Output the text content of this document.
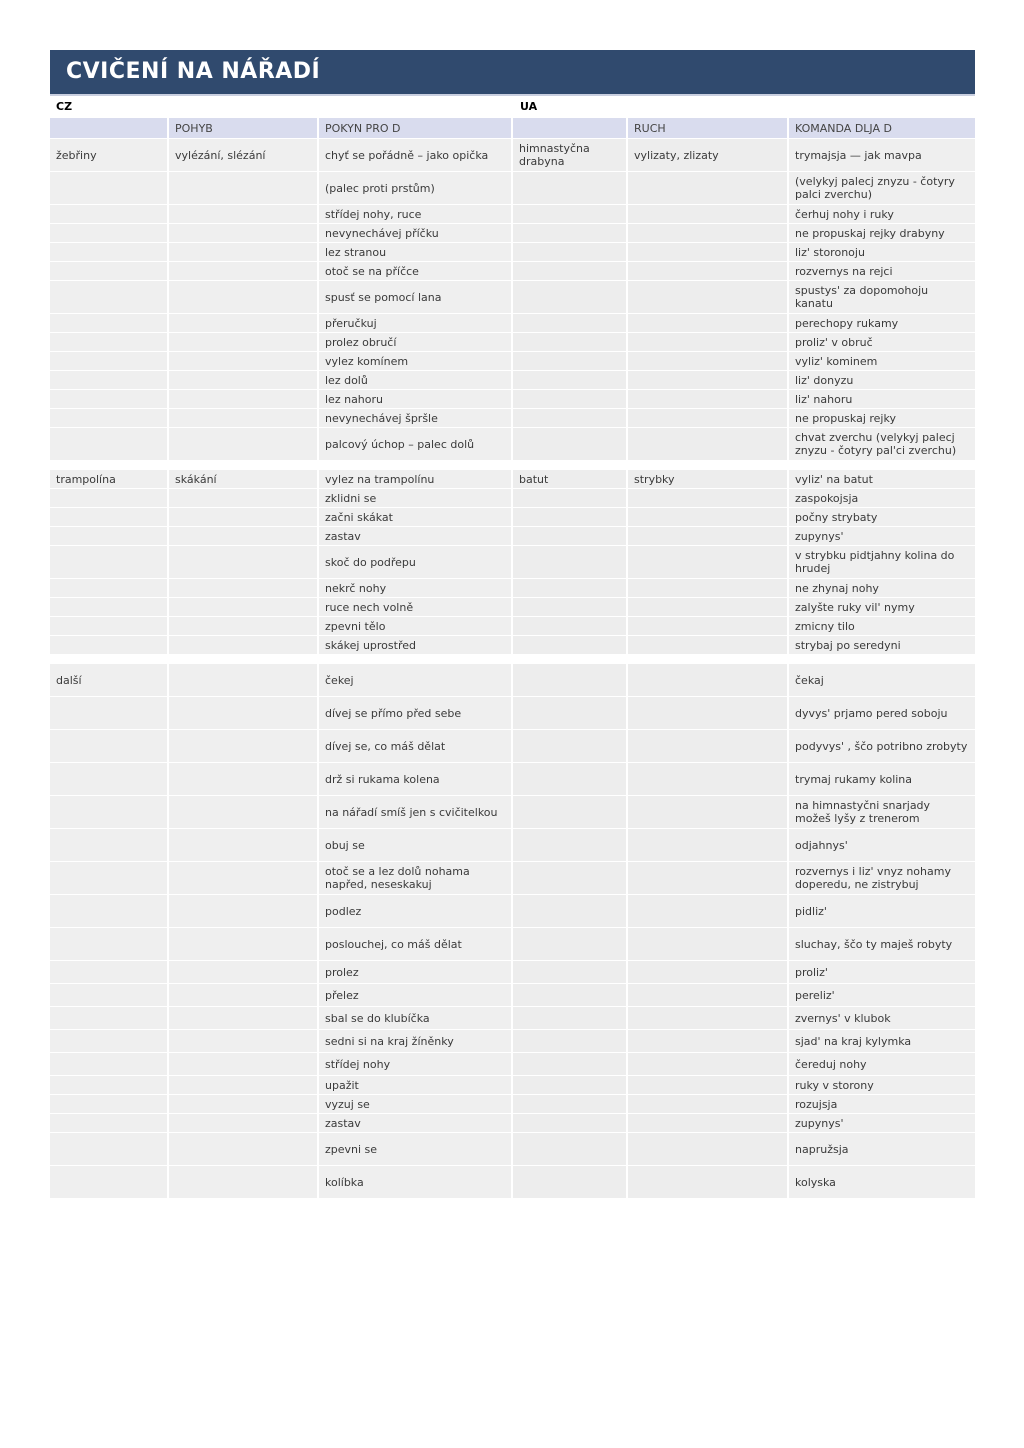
CVIČENÍ NA NÁŘADÍ
CZ	UA
	POHYB	POKYN PRO D		RUCH	KOMANDA DLJA D
žebřiny	vylézání, slézání	chyť se pořádně – jako opička	himnastyčna drabyna	vylizaty, zlizaty	trymajsja — jak mavpa
		(palec proti prstům)			(velykyj palecj znyzu - čotyry palci zverchu)
		střídej nohy, ruce			čerhuj nohy i ruky
		nevynechávej příčku			ne propuskaj rejky drabyny
		lez stranou			liz' storonoju
		otoč se na příčce			rozvernys na rejci
		spusť se pomocí lana			spustys' za dopomohoju kanatu
		přeručkuj			perechopy rukamy
		prolez obručí			proliz' v obruč
		vylez komínem			vyliz' kominem
		lez dolů			liz' donyzu
		lez nahoru			liz' nahoru
		nevynechávej špršle			ne propuskaj rejky
		palcový úchop – palec dolů			chvat zverchu (velykyj palecj znyzu - čotyry pal'ci zverchu)

trampolína	skákání	vylez na trampolínu	batut	strybky	vyliz' na batut
		zklidni se			zaspokojsja
		začni skákat			počny strybaty
		zastav			zupynys'
		skoč do podřepu			v strybku pidtjahny kolina do hrudej
		nekrč nohy			ne zhynaj nohy
		ruce nech volně			zalyšte ruky vil' nymy
		zpevni tělo			zmicny tilo
		skákej uprostřed			strybaj po seredyni

další		čekej			čekaj
		dívej se přímo před sebe			dyvys' prjamo pered soboju
		dívej se, co máš dělat			podyvys' , ščo potribno zrobyty
		drž si rukama kolena			trymaj rukamy kolina
		na nářadí smíš jen s cvičitelkou			na himnastyčni snarjady možeš lyšy z trenerom
		obuj se			odjahnys'
		otoč se a lez dolů nohama napřed, neseskakuj			rozvernys i liz' vnyz nohamy doperedu, ne zistrybuj
		podlez			pidliz'
		poslouchej, co máš dělat			sluchay, ščo ty maješ robyty
		prolez			proliz'
		přelez			pereliz'
		sbal se do klubíčka			zvernys' v klubok
		sedni si na kraj žíněnky			sjad' na kraj kylymka
		střídej nohy			čereduj nohy
		upažit			ruky v storony
		vyzuj se			rozujsja
		zastav			zupynys'
		zpevni se			napružsja
		kolíbka			kolyska
